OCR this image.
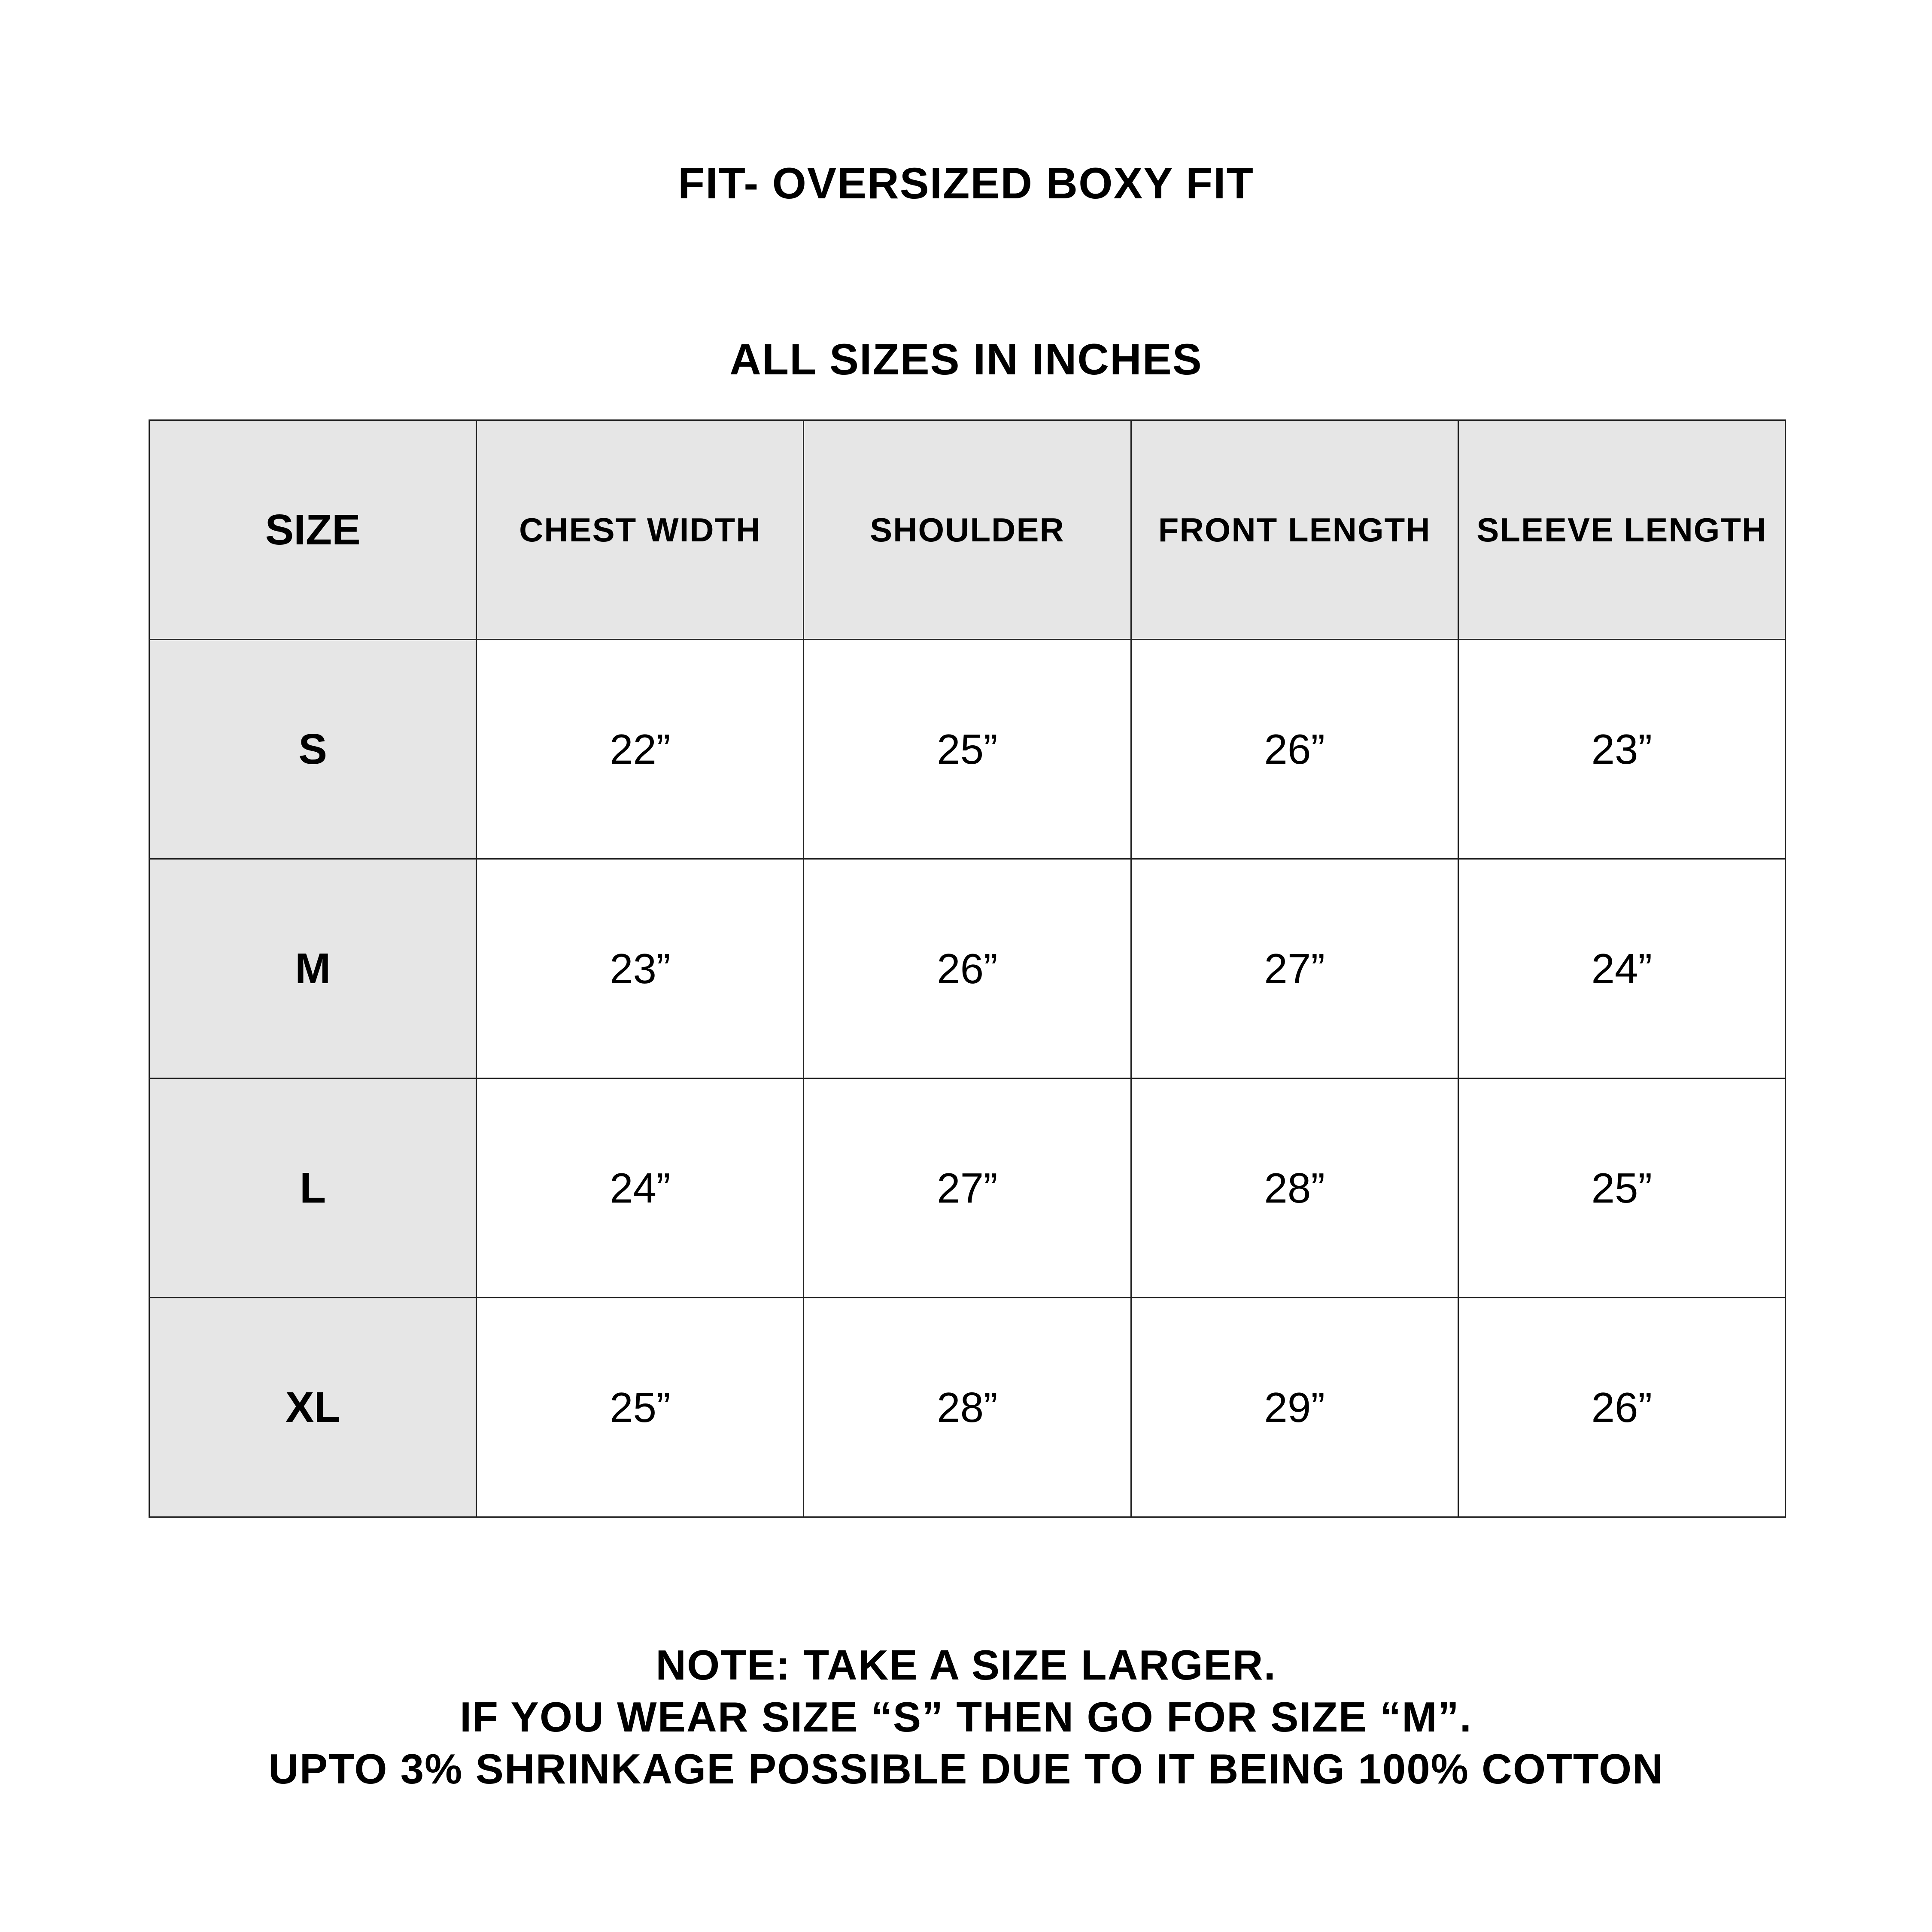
FIT- OVERSIZED BOXY FIT
ALL SIZES IN INCHES
SIZE	CHEST WIDTH	SHOULDER	FRONT LENGTH	SLEEVE LENGTH
S	22”	25”	26”	23”
M	23”	26”	27”	24”
L	24”	27”	28”	25”
XL	25”	28”	29”	26”
NOTE: TAKE A SIZE LARGER.
IF YOU WEAR SIZE “S” THEN GO FOR SIZE “M”.
UPTO 3% SHRINKAGE POSSIBLE DUE TO IT BEING 100% COTTON
